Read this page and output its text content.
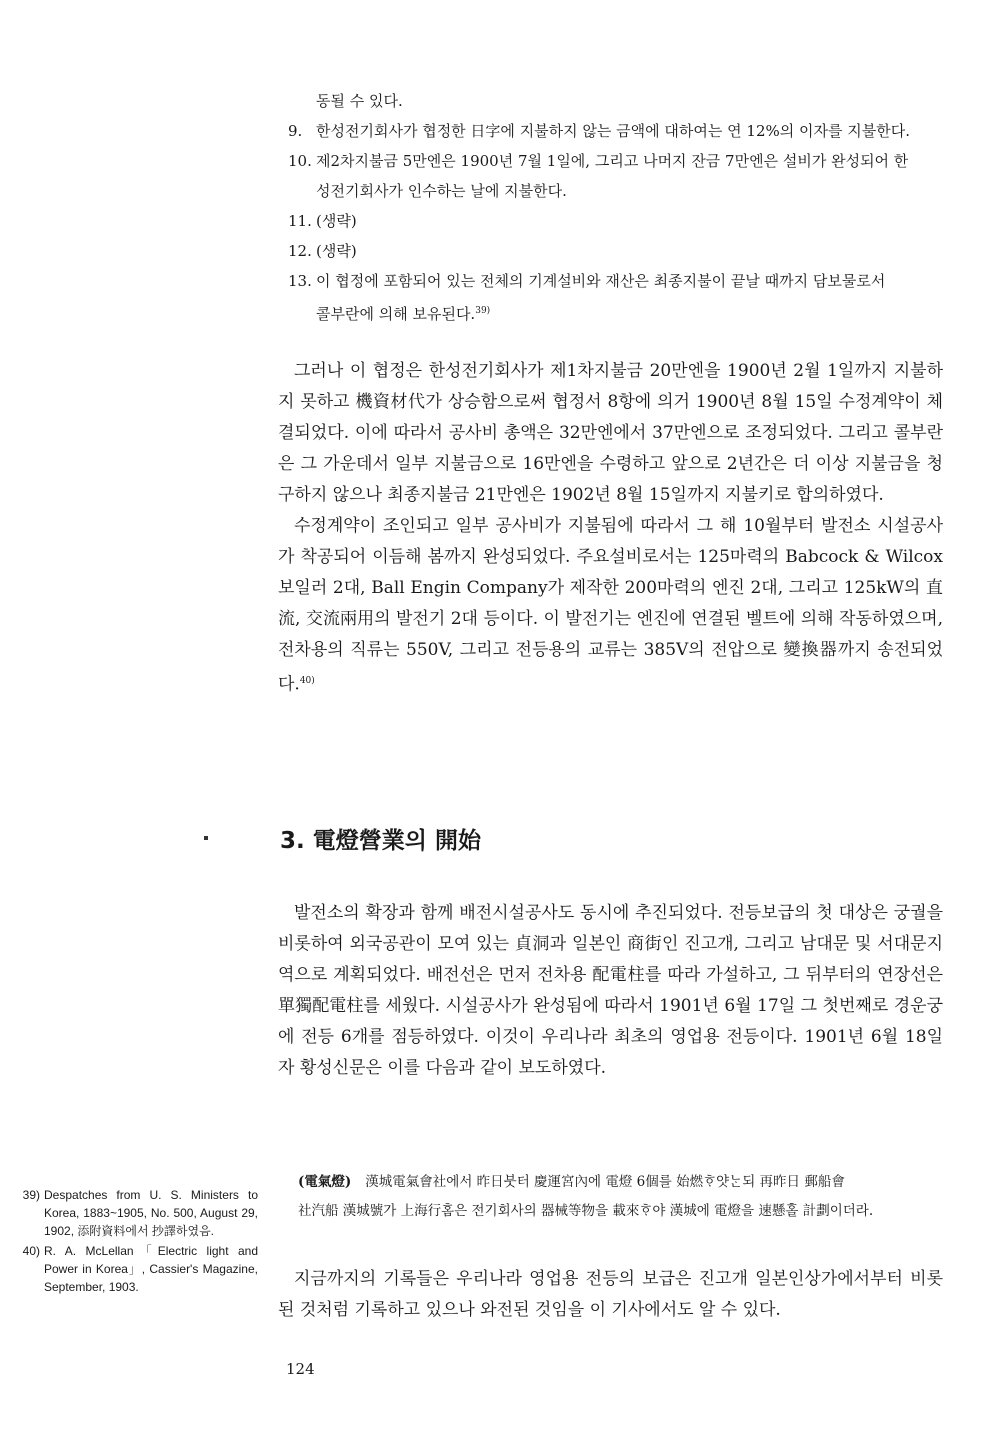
동될 수 있다.
9. 한성전기회사가 협정한 日字에 지불하지 않는 금액에 대하여는 연 12%의 이자를 지불한다.
10. 제2차지불금 5만엔은 1900년 7월 1일에, 그리고 나머지 잔금 7만엔은 설비가 완성되어 한
성전기회사가 인수하는 날에 지불한다.
11. (생략)
12. (생략)
13. 이 협정에 포함되어 있는 전체의 기계설비와 재산은 최종지불이 끝날 때까지 담보물로서
콜부란에 의해 보유된다.$^{39)}$

그러나 이 협정은 한성전기회사가 제1차지불금 20만엔을 1900년 2월 1일까지 지불하지 못하고 機資材代가 상승함으로써 협정서 8항에 의거 1900년 8월 15일 수정계약이 체결되었다. 이에 따라서 공사비 총액은 32만엔에서 37만엔으로 조정되었다. 그리고 콜부란은 그 가운데서 일부 지불금으로 16만엔을 수령하고 앞으로 2년간은 더 이상 지불금을 청구하지 않으나 최종지불금 21만엔은 1902년 8월 15일까지 지불키로 합의하였다.

수정계약이 조인되고 일부 공사비가 지불됨에 따라서 그 해 10월부터 발전소 시설공사가 착공되어 이듬해 봄까지 완성되었다. 주요설비로서는 125마력의 Babcock & Wilcox 보일러 2대, Ball Engin Company가 제작한 200마력의 엔진 2대, 그리고 125kW의 直流, 交流兩用의 발전기 2대 등이다. 이 발전기는 엔진에 연결된 벨트에 의해 작동하였으며, 전차용의 직류는 550V, 그리고 전등용의 교류는 385V의 전압으로 變換器까지 송전되었다.$^{40)}$

3. 電燈營業의 開始

발전소의 확장과 함께 배전시설공사도 동시에 추진되었다. 전등보급의 첫 대상은 궁궐을 비롯하여 외국공관이 모여 있는 貞洞과 일본인 商街인 진고개, 그리고 남대문 및 서대문지역으로 계획되었다. 배전선은 먼저 전차용 配電柱를 따라 가설하고, 그 뒤부터의 연장선은 單獨配電柱를 세웠다. 시설공사가 완성됨에 따라서 1901년 6월 17일 그 첫번째로 경운궁에 전등 6개를 점등하였다. 이것이 우리나라 최초의 영업용 전등이다. 1901년 6월 18일자 황성신문은 이를 다음과 같이 보도하였다.

(電氣燈) 漢城電氣會社에서 昨日붓터 慶運宮內에 電燈 6個를 始燃ᄒᆞ얏ᄂᆞᆫ되 再昨日 郵船會
社汽船 漢城號가 上海行홈은 전기회사의 器械等物을 載來ᄒᆞ야 漢城에 電燈을 速懸홀 計劃이더라.

지금까지의 기록들은 우리나라 영업용 전등의 보급은 진고개 일본인상가에서부터 비롯된 것처럼 기록하고 있으나 와전된 것임을 이 기사에서도 알 수 있다.

39) Despatches from U. S. Ministers to Korea, 1883~1905, No. 500, August 29, 1902, 添附資料에서 抄譯하였음.
40) R. A. McLellan「Electric light and Power in Korea」, Cassier's Magazine, September, 1903.
124
